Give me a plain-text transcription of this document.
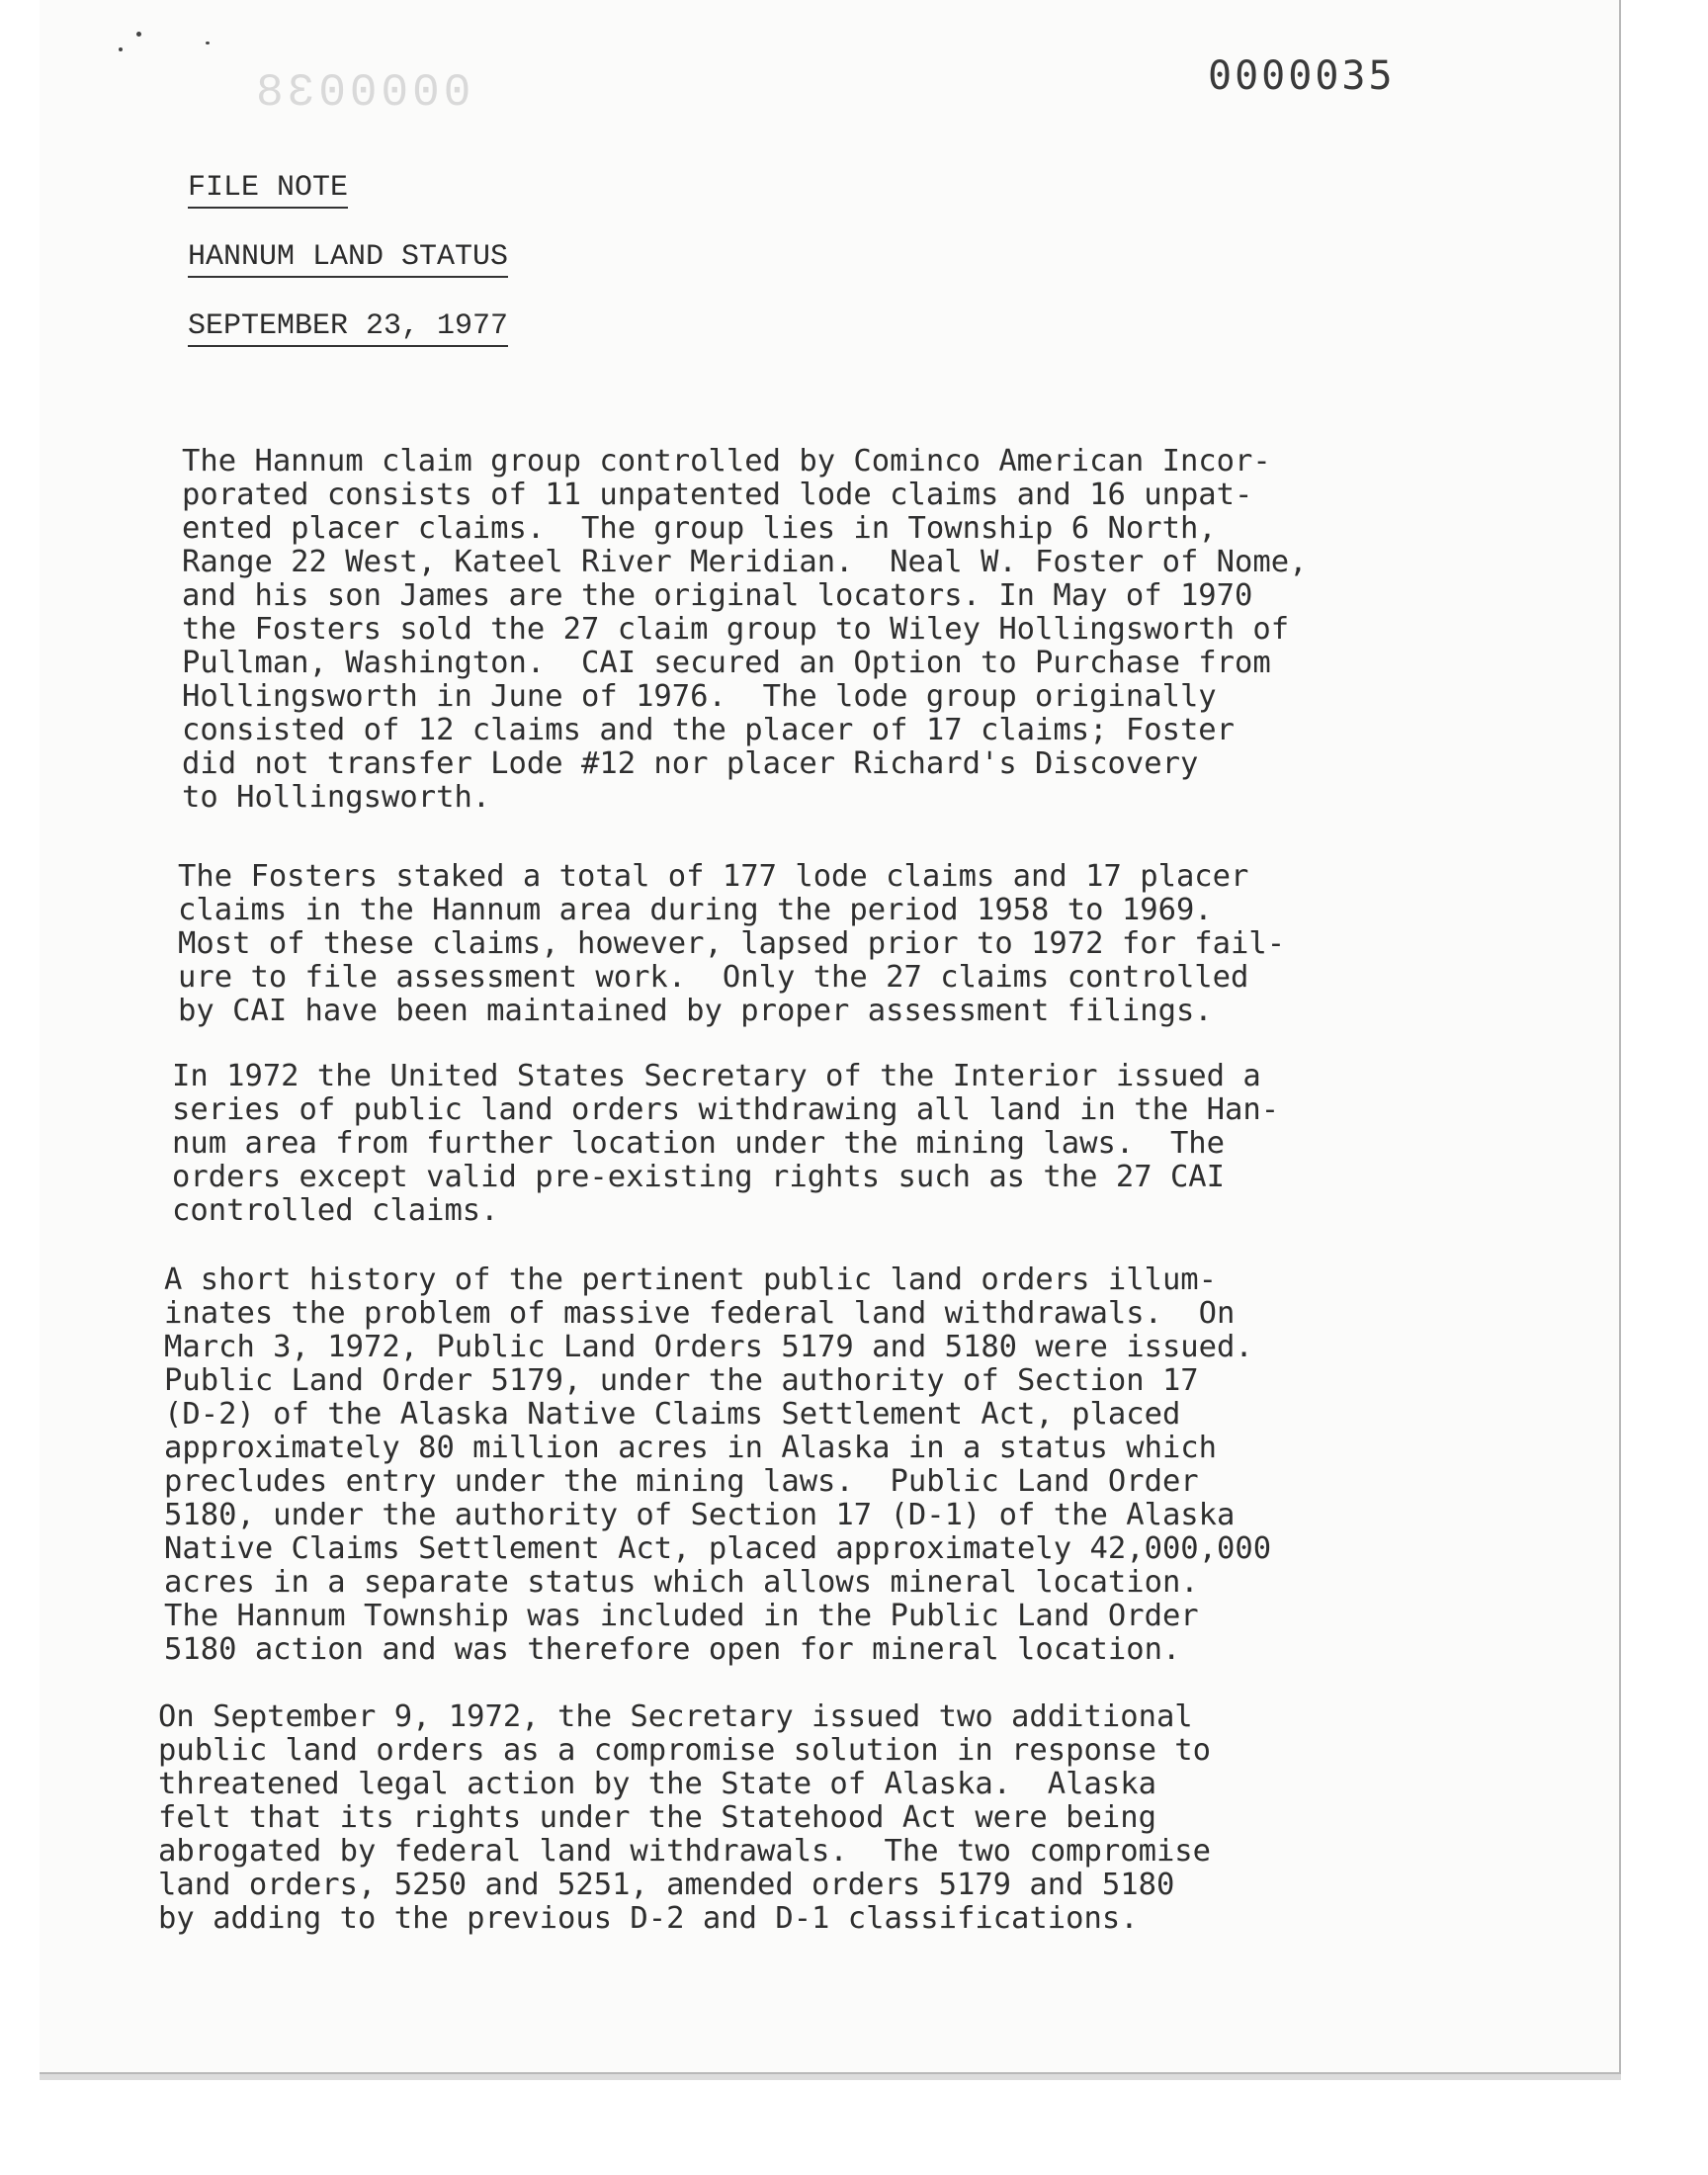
0000038	0000035
FILE NOTE
HANNUM LAND STATUS
SEPTEMBER 23, 1977
The Hannum claim group controlled by Cominco American Incor-
porated consists of 11 unpatented lode claims and 16 unpat-
ented placer claims.  The group lies in Township 6 North,
Range 22 West, Kateel River Meridian.  Neal W. Foster of Nome,
and his son James are the original locators. In May of 1970
the Fosters sold the 27 claim group to Wiley Hollingsworth of
Pullman, Washington.  CAI secured an Option to Purchase from
Hollingsworth in June of 1976.  The lode group originally
consisted of 12 claims and the placer of 17 claims; Foster
did not transfer Lode #12 nor placer Richard's Discovery
to Hollingsworth.
The Fosters staked a total of 177 lode claims and 17 placer
claims in the Hannum area during the period 1958 to 1969.
Most of these claims, however, lapsed prior to 1972 for fail-
ure to file assessment work.  Only the 27 claims controlled
by CAI have been maintained by proper assessment filings.
In 1972 the United States Secretary of the Interior issued a
series of public land orders withdrawing all land in the Han-
num area from further location under the mining laws.  The
orders except valid pre-existing rights such as the 27 CAI
controlled claims.
A short history of the pertinent public land orders illum-
inates the problem of massive federal land withdrawals.  On
March 3, 1972, Public Land Orders 5179 and 5180 were issued.
Public Land Order 5179, under the authority of Section 17
(D-2) of the Alaska Native Claims Settlement Act, placed
approximately 80 million acres in Alaska in a status which
precludes entry under the mining laws.  Public Land Order
5180, under the authority of Section 17 (D-1) of the Alaska
Native Claims Settlement Act, placed approximately 42,000,000
acres in a separate status which allows mineral location.
The Hannum Township was included in the Public Land Order
5180 action and was therefore open for mineral location.
On September 9, 1972, the Secretary issued two additional
public land orders as a compromise solution in response to
threatened legal action by the State of Alaska.  Alaska
felt that its rights under the Statehood Act were being
abrogated by federal land withdrawals.  The two compromise
land orders, 5250 and 5251, amended orders 5179 and 5180
by adding to the previous D-2 and D-1 classifications.
